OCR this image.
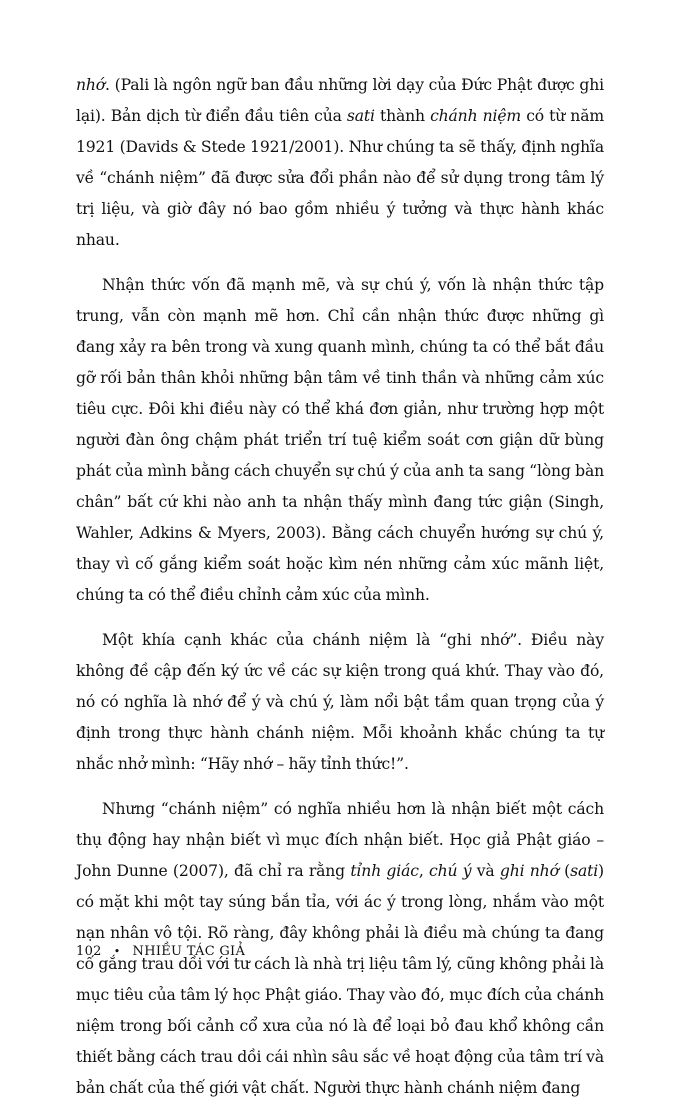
nhớ. (Pali là ngôn ngữ ban đầu những lời dạy của Đức Phật được ghi lại). Bản dịch từ điển đầu tiên của sati thành chánh niệm có từ năm 1921 (Davids & Stede 1921/2001). Như chúng ta sẽ thấy, định nghĩa về “chánh niệm” đã được sửa đổi phần nào để sử dụng trong tâm lý trị liệu, và giờ đây nó bao gồm nhiều ý tưởng và thực hành khác nhau.

Nhận thức vốn đã mạnh mẽ, và sự chú ý, vốn là nhận thức tập trung, vẫn còn mạnh mẽ hơn. Chỉ cần nhận thức được những gì đang xảy ra bên trong và xung quanh mình, chúng ta có thể bắt đầu gỡ rối bản thân khỏi những bận tâm về tinh thần và những cảm xúc tiêu cực. Đôi khi điều này có thể khá đơn giản, như trường hợp một người đàn ông chậm phát triển trí tuệ kiểm soát cơn giận dữ bùng phát của mình bằng cách chuyển sự chú ý của anh ta sang “lòng bàn chân” bất cứ khi nào anh ta nhận thấy mình đang tức giận (Singh, Wahler, Adkins & Myers, 2003). Bằng cách chuyển hướng sự chú ý, thay vì cố gắng kiểm soát hoặc kìm nén những cảm xúc mãnh liệt, chúng ta có thể điều chỉnh cảm xúc của mình.

Một khía cạnh khác của chánh niệm là “ghi nhớ”. Điều này không đề cập đến ký ức về các sự kiện trong quá khứ. Thay vào đó, nó có nghĩa là nhớ để ý và chú ý, làm nổi bật tầm quan trọng của ý định trong thực hành chánh niệm. Mỗi khoảnh khắc chúng ta tự nhắc nhở mình: “Hãy nhớ – hãy tỉnh thức!”.

Nhưng “chánh niệm” có nghĩa nhiều hơn là nhận biết một cách thụ động hay nhận biết vì mục đích nhận biết. Học giả Phật giáo – John Dunne (2007), đã chỉ ra rằng tỉnh giác, chú ý và ghi nhớ (sati) có mặt khi một tay súng bắn tỉa, với ác ý trong lòng, nhắm vào một nạn nhân vô tội. Rõ ràng, đây không phải là điều mà chúng ta đang cố gắng trau dồi với tư cách là nhà trị liệu tâm lý, cũng không phải là mục tiêu của tâm lý học Phật giáo. Thay vào đó, mục đích của chánh niệm trong bối cảnh cổ xưa của nó là để loại bỏ đau khổ không cần thiết bằng cách trau dồi cái nhìn sâu sắc về hoạt động của tâm trí và bản chất của thế giới vật chất. Người thực hành chánh niệm đang

102 • NHIỀU TÁC GIẢ
